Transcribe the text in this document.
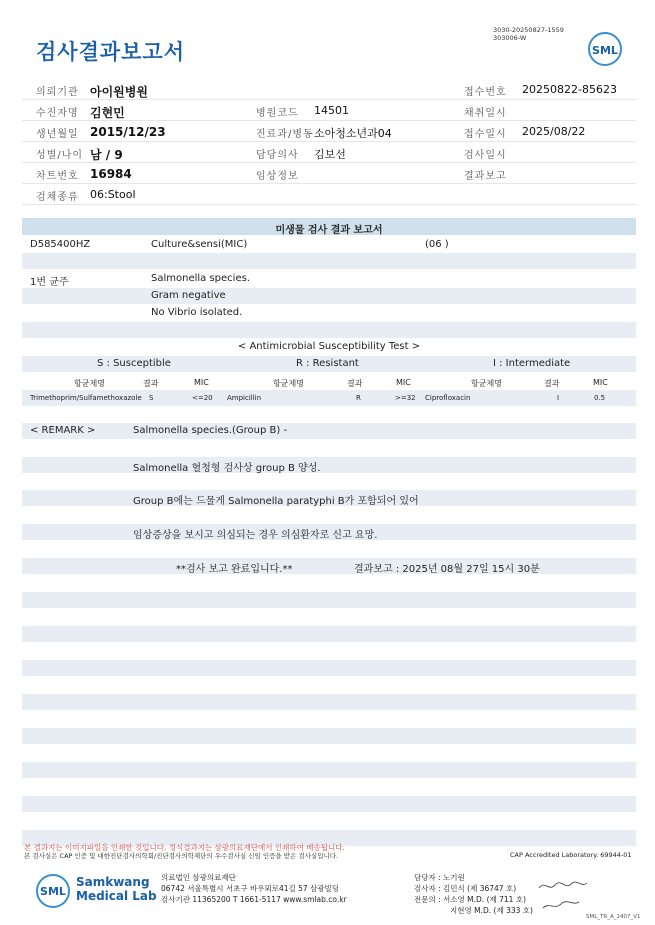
검사결과보고서
3030-20250827-1559
303006-W
SML
의뢰기관 아이원병원	접수번호 20250822-85623
수진자명 김현민	병원코드 14501	채취일시
생년월일 2015/12/23	진료과/병동 소아청소년과04	접수일시 2025/08/22
성별/나이 남 / 9	담당의사 김보선	검사일시
차트번호 16984	임상정보	결과보고
검체종류 06:Stool
미생물 검사 결과 보고서
D585400HZ	Culture&sensi(MIC)	(06 )
1번 균주	Salmonella species.
Gram negative
No Vibrio isolated.
< Antimicrobial Susceptibility Test >
S : Susceptible	R : Resistant	I : Intermediate
항균제명	결과	MIC	항균제명	결과	MIC	항균제명	결과	MIC
Trimethoprim/Sulfamethoxazole S	<=20 Ampicillin	R	>=32 Ciprofloxacin	I	0.5
< REMARK >	Salmonella species.(Group B) -
Salmonella 혈청형 검사상 group B 양성.
Group B에는 드물게 Salmonella paratyphi B가 포함되어 있어
임상증상을 보시고 의심되는 경우 의심환자로 신고 요망.
**검사 보고 완료입니다.**	결과보고 : 2025년 08월 27일 15시 30분
본 결과지는 이미지파일을 인쇄한 것입니다. 정식결과지는 삼광의료재단에서 인쇄하여 배송됩니다.
본 검사실은 CAP 인증 및 대한진단검사의학회/진단검사의학재단의 우수검사실 신임 인증을 받은 검사실입니다.	CAP Accredited Laboratory. 69944-01
SML
Samkwang
Medical Lab
의료법인 삼광의료재단
06742 서울특별시 서초구 바우뫼로41길 57 삼광빌딩
검사기관 11365200 T 1661-5117 www.smlab.co.kr
담당자 : 노기원
검사자 : 김민식 (제 36747 호)
전문의 : 서소영 M.D. (제 711 호)
지현영 M.D. (제 333 호)
SML_TR_A_2407_V1
